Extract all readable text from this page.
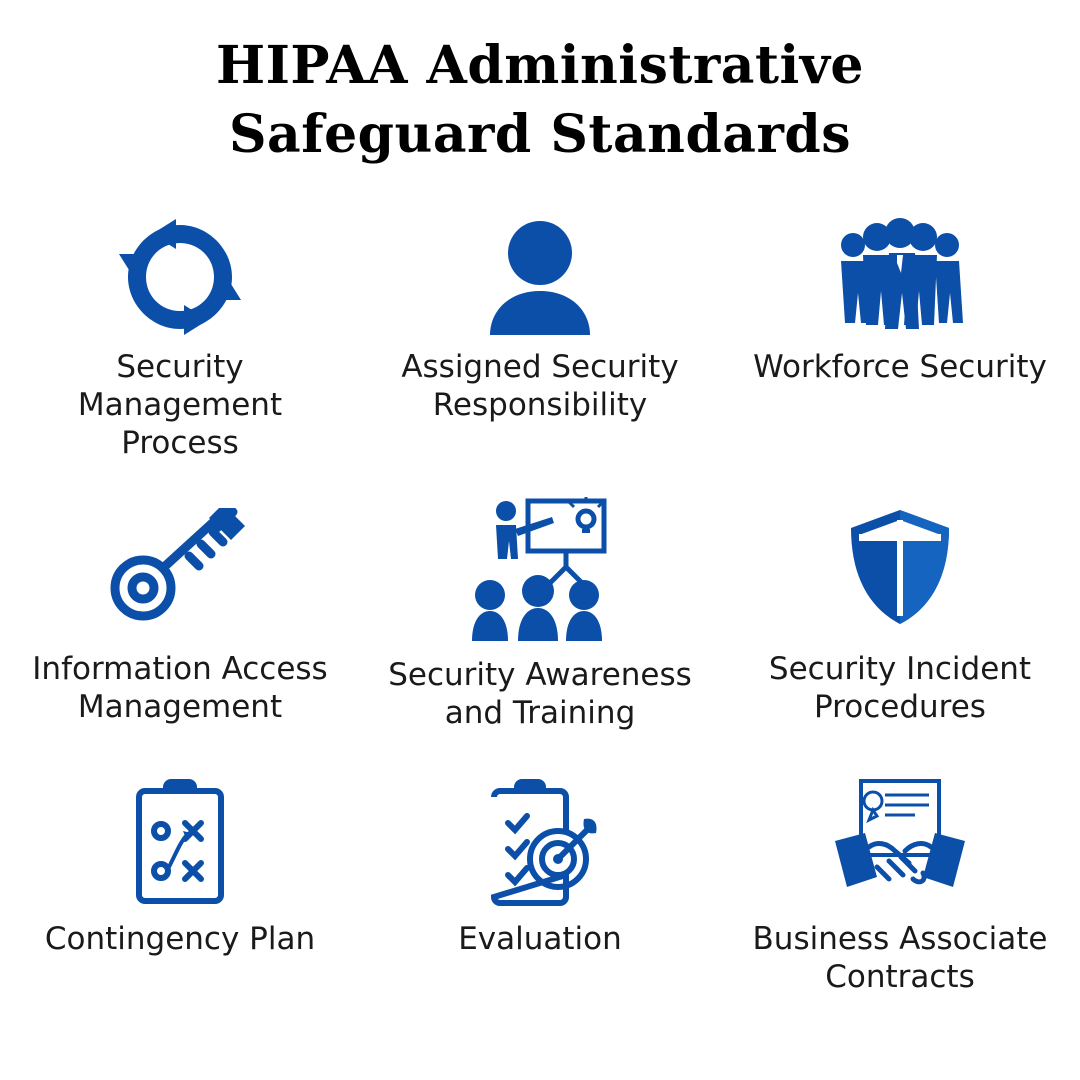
HIPAA Administrative
Safeguard Standards
Security Management Process
Assigned Security Responsibility
Workforce Security
Information Access Management
Security Awareness and Training
Security Incident Procedures
Contingency Plan	Evaluation	Business Associate Contracts
